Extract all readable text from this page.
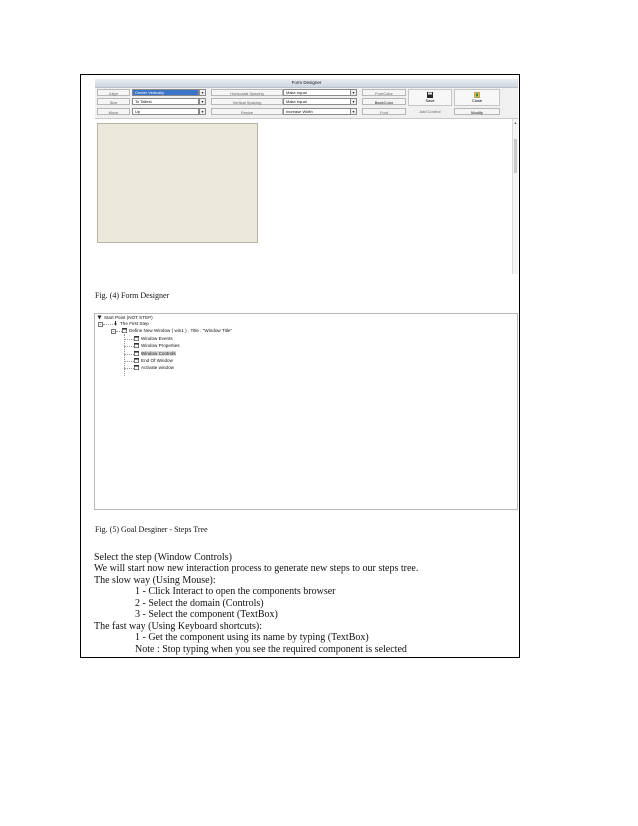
Form Designer
Align	Center Vertically	▾	Horizontal Spacing	Make equal	▾	ForeColor
Size	To Tallest	▾	Vertical Spacing	Make equal	▾	BackColor
Move	Up	▾	Resize	Increase Width	▾	Font	Add Control
Save	Close
Modify
▴
Fig. (4) Form Designer
Start Point (NOT STEP)
−	The First Step
−	Define New Window ( win1 ) , Title : "Window Title"
Window Events
Window Properties
Window Controls
End Of Window
Activate window
Fig. (5) Goal Desginer - Steps Tree
Select the step (Window Controls)
We will start now new interaction process to generate new steps to our steps tree.
The slow way (Using Mouse):
1 - Click Interact to open the components browser
2 - Select the domain (Controls)
3 - Select the component (TextBox)
The fast way (Using Keyboard shortcuts):
1 - Get the component using its name by typing (TextBox)
Note : Stop typing when you see the required component is selected
